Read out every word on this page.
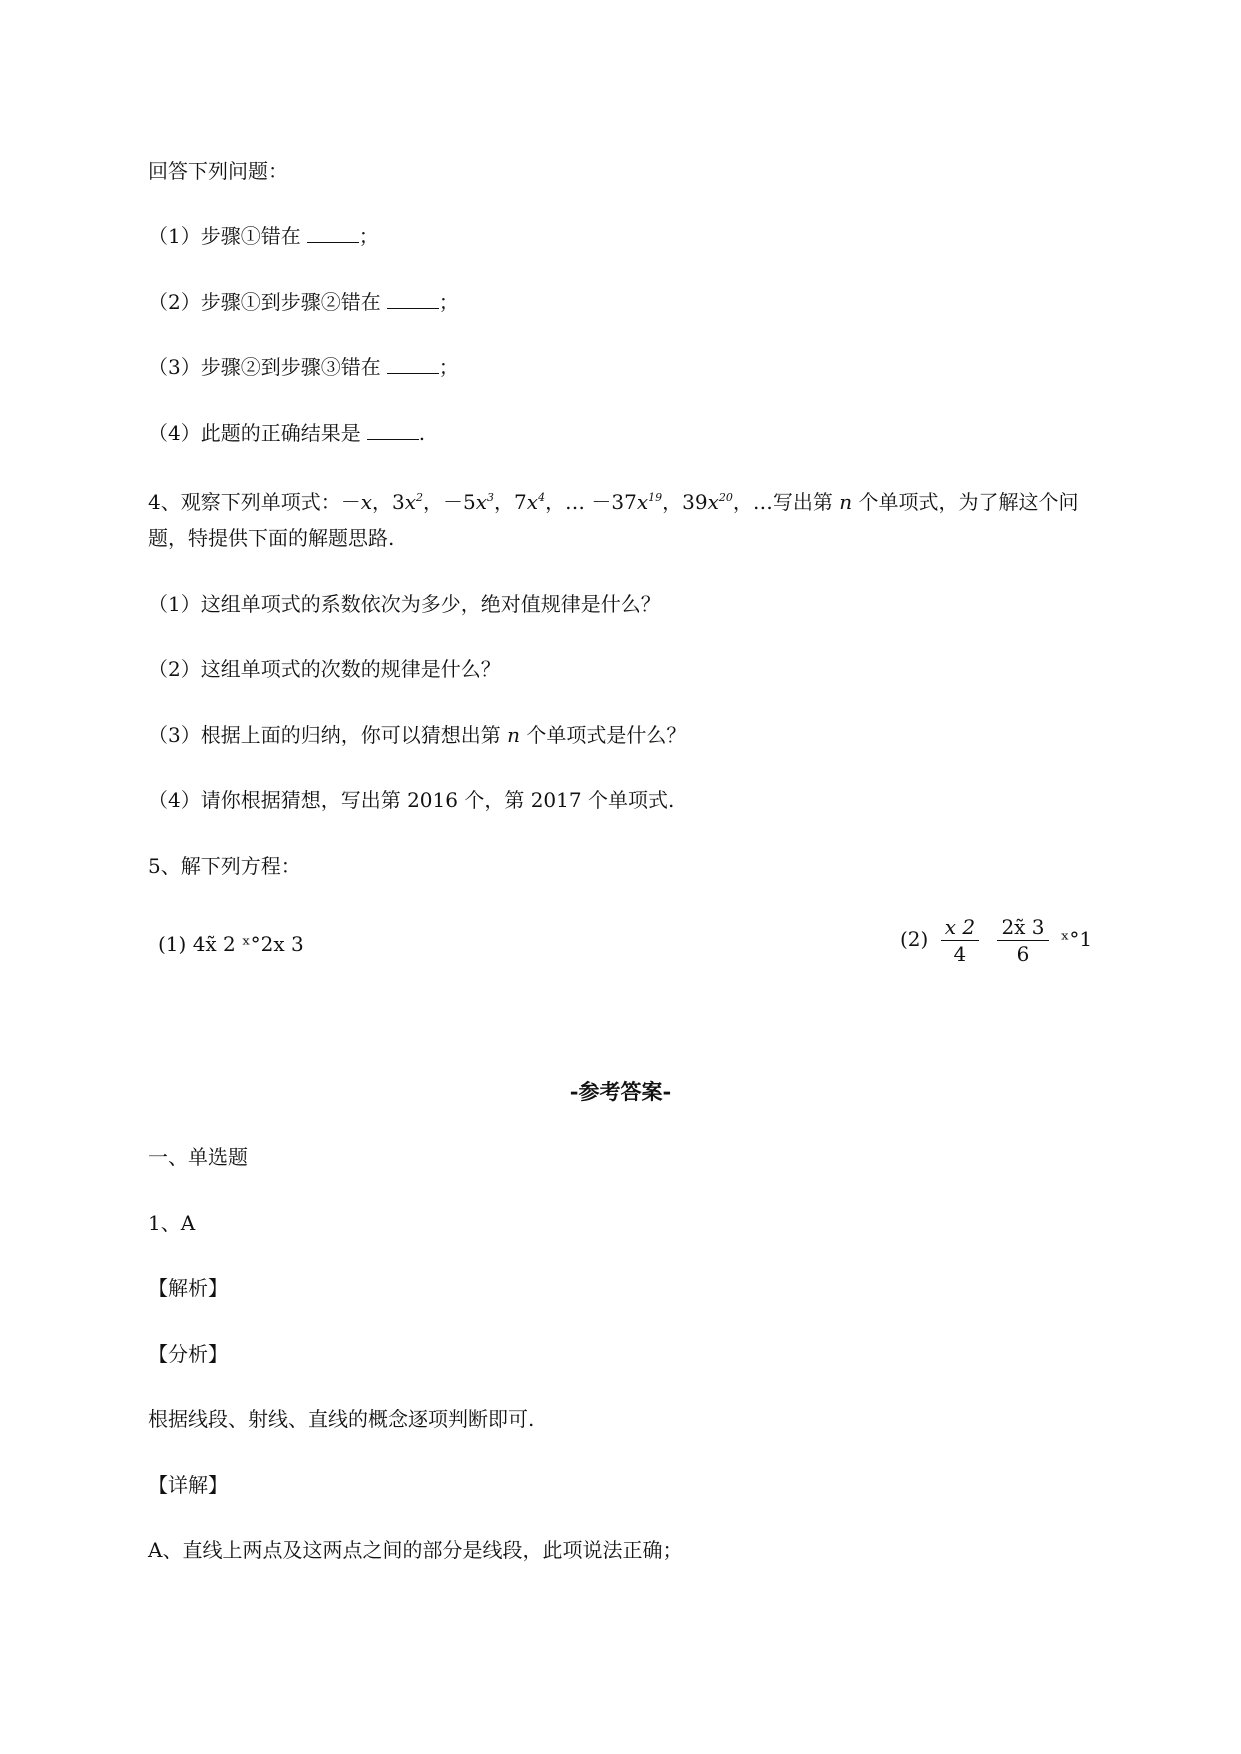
回答下列问题：
（1）步骤①错在	；
（2）步骤①到步骤②错在	；
（3）步骤②到步骤③错在	；
（4）此题的正确结果是	.
4、观察下列单项式：－x，$3x^2$，$-5x^3$，$7x^4$，… $-37x^{19}$，$39x^{20}$，…写出第 n 个单项式，为了解这个问
题，特提供下面的解题思路.
（1）这组单项式的系数依次为多少，绝对值规律是什么？
（2）这组单项式的次数的规律是什么？
（3）根据上面的归纳，你可以猜想出第 n 个单项式是什么？
（4）请你根据猜想，写出第 2016 个，第 2017 个单项式.
5、解下列方程：
(1) 4x̃ 2 ˣ°2x 3	$(2) \frac{x 2}{4}$
$\frac{2x̃ 3}{6}$ ˣ°1
-参考答案-
一、单选题
1、A
【解析】
【分析】
根据线段、射线、直线的概念逐项判断即可.
【详解】
A、直线上两点及这两点之间的部分是线段，此项说法正确；
